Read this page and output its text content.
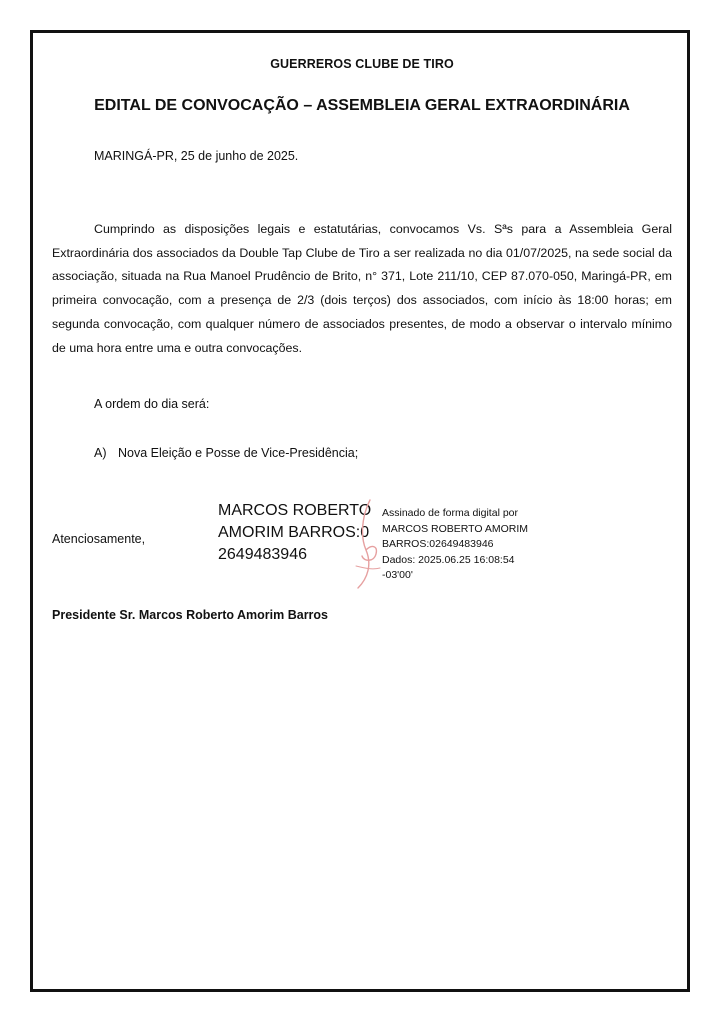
GUERREROS CLUBE DE TIRO
EDITAL DE CONVOCAÇÃO – ASSEMBLEIA GERAL EXTRAORDINÁRIA
MARINGÁ-PR, 25 de junho de 2025.

Cumprindo as disposições legais e estatutárias, convocamos Vs. Sªs para a Assembleia Geral Extraordinária dos associados da Double Tap Clube de Tiro a ser realizada no dia 01/07/2025, na sede social da associação, situada na Rua Manoel Prudêncio de Brito, n° 371, Lote 211/10, CEP 87.070-050, Maringá-PR, em primeira convocação, com a presença de 2/3 (dois terços) dos associados, com início às 18:00 horas; em segunda convocação, com qualquer número de associados presentes, de modo a observar o intervalo mínimo de uma hora entre uma e outra convocações.

A ordem do dia será:
A) Nova Eleição e Posse de Vice-Presidência;
Atenciosamente,
MARCOS ROBERTO AMORIM BARROS:02649483946
Assinado de forma digital por
MARCOS ROBERTO AMORIM
BARROS:02649483946
Dados: 2025.06.25 16:08:54
-03'00'
Presidente Sr. Marcos Roberto Amorim Barros
